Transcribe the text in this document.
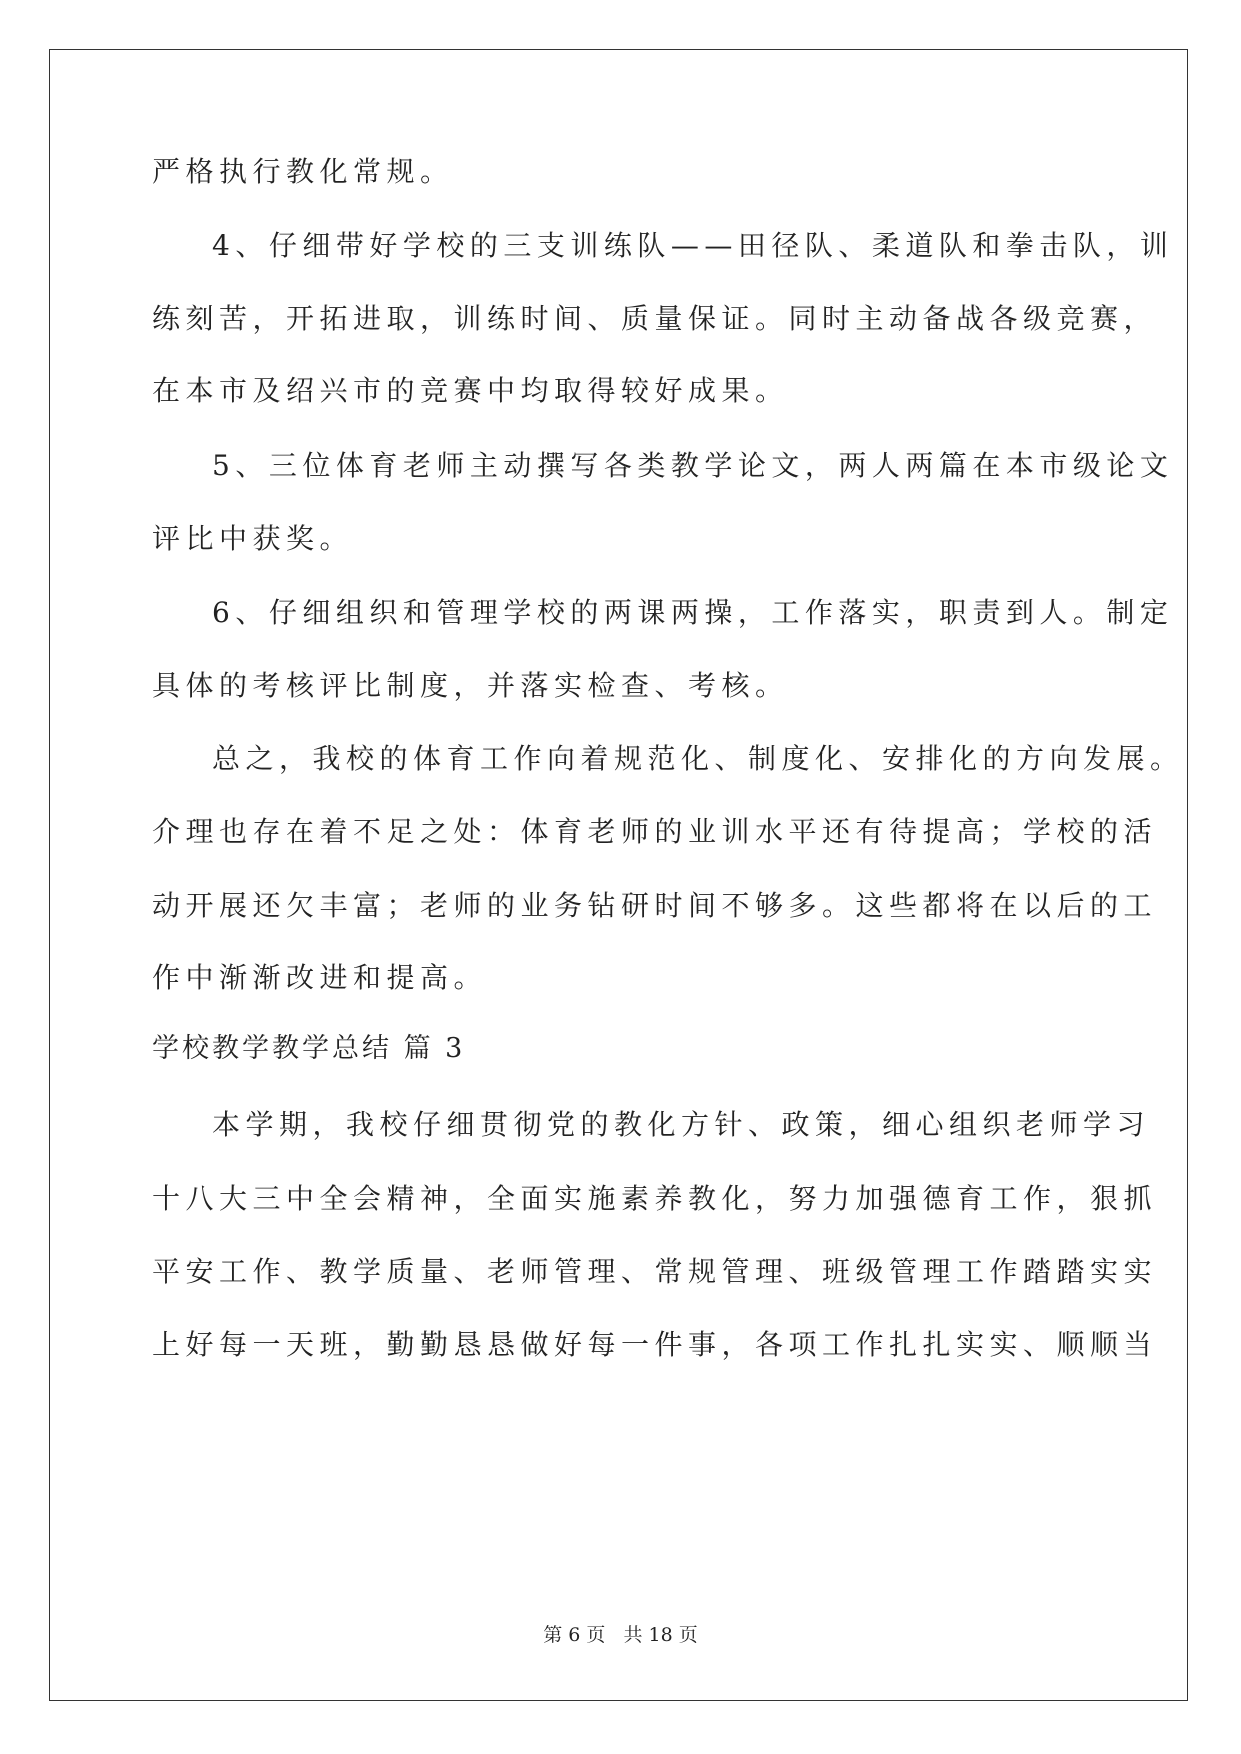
严格执行教化常规。
4、仔细带好学校的三支训练队——田径队、柔道队和拳击队，训
练刻苦，开拓进取，训练时间、质量保证。同时主动备战各级竞赛，
在本市及绍兴市的竞赛中均取得较好成果。
5、三位体育老师主动撰写各类教学论文，两人两篇在本市级论文
评比中获奖。
6、仔细组织和管理学校的两课两操，工作落实，职责到人。制定
具体的考核评比制度，并落实检查、考核。
总之，我校的体育工作向着规范化、制度化、安排化的方向发展。
介理也存在着不足之处：体育老师的业训水平还有待提高；学校的活
动开展还欠丰富；老师的业务钻研时间不够多。这些都将在以后的工
作中渐渐改进和提高。
学校教学教学总结 篇 3
本学期，我校仔细贯彻党的教化方针、政策，细心组织老师学习
十八大三中全会精神，全面实施素养教化，努力加强德育工作，狠抓
平安工作、教学质量、老师管理、常规管理、班级管理工作踏踏实实
上好每一天班，勤勤恳恳做好每一件事，各项工作扎扎实实、顺顺当
第 6 页 共 18 页
